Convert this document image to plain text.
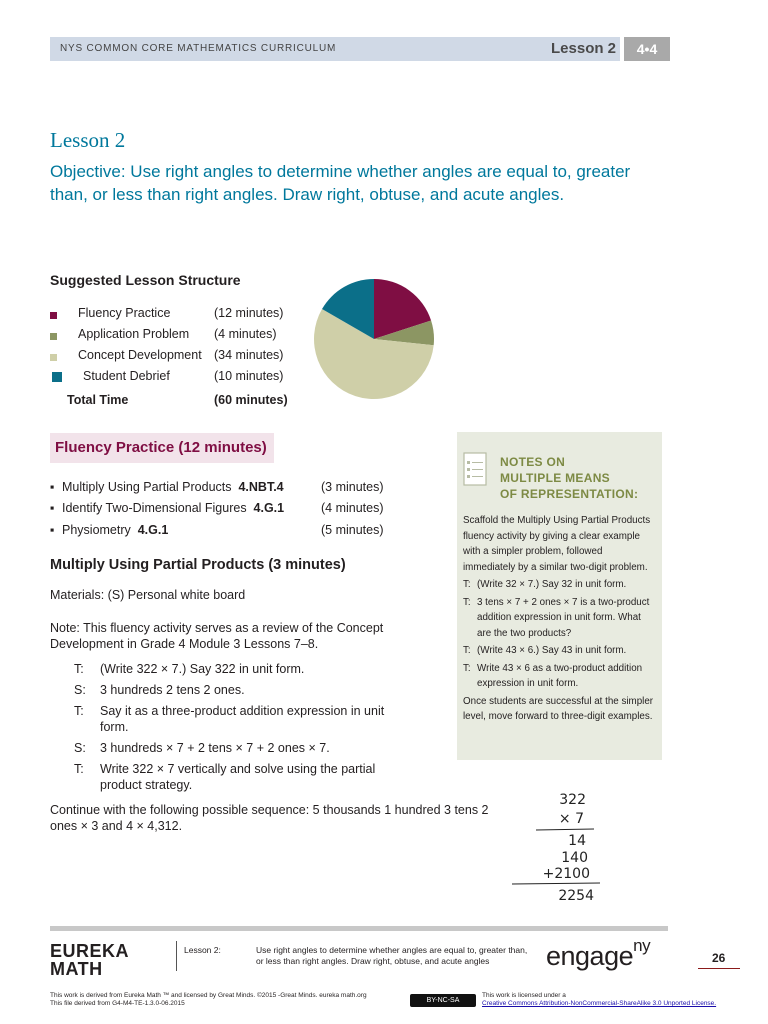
NYS COMMON CORE MATHEMATICS CURRICULUM	Lesson 2	4•4
Lesson 2
Objective: Use right angles to determine whether angles are equal to, greater than, or less than right angles. Draw right, obtuse, and acute angles.
Suggested Lesson Structure
Fluency Practice	(12 minutes)
Application Problem (4 minutes)
Concept Development (34 minutes)
Student Debrief	(10 minutes)
Total Time	(60 minutes)
Fluency Practice (12 minutes)
▪ Multiply Using Partial Products 4.NBT.4	(3 minutes)
▪ Identify Two-Dimensional Figures 4.G.1	(4 minutes)
▪ Physiometry 4.G.1	(5 minutes)
Multiply Using Partial Products (3 minutes)
Materials: (S) Personal white board
Note: This fluency activity serves as a review of the Concept Development in Grade 4 Module 3 Lessons 7–8.
T:	(Write 322 × 7.) Say 322 in unit form.
S:	3 hundreds 2 tens 2 ones.
T:	Say it as a three-product addition expression in unit form.
S:	3 hundreds × 7 + 2 tens × 7 + 2 ones × 7.
T:	Write 322 × 7 vertically and solve using the partial product strategy.
Continue with the following possible sequence: 5 thousands 1 hundred 3 tens 2 ones × 3 and 4 × 4,312.
NOTES ON
MULTIPLE MEANS
OF REPRESENTATION:
Scaffold the Multiply Using Partial Products fluency activity by giving a clear example with a simpler problem, followed immediately by a similar two-digit problem.
T: (Write 32 × 7.) Say 32 in unit form.
T: 3 tens × 7 + 2 ones × 7 is a two-product addition expression in unit form. What are the two products?
T: (Write 43 × 6.) Say 43 in unit form.
T: Write 43 × 6 as a two-product addition expression in unit form.
Once students are successful at the simpler level, move forward to three-digit examples.
322
× 7
14
140
+2100
2254
EUREKA
MATH
Lesson 2:	Use right angles to determine whether angles are equal to, greater than, or less than right angles. Draw right, obtuse, and acute angles	engage$^{ny}$
26
This work is derived from Eureka Math ™ and licensed by Great Minds. ©2015 -Great Minds. eureka math.org This file derived from G4-M4-TE-1.3.0-06.2015	BY-NC-SA
This work is licensed under a
Creative Commons Attribution-NonCommercial-ShareAlike 3.0 Unported License.
